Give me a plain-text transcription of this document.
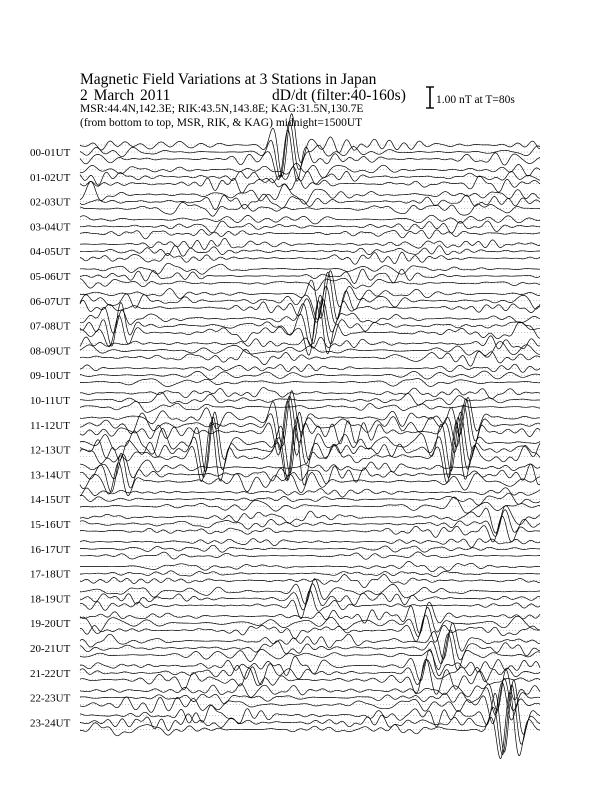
Magnetic Field Variations at 3 Stations in Japan
2 March 2011	dD/dt (filter:40-160s)
MSR:44.4N,142.3E; RIK:43.5N,143.8E; KAG:31.5N,130.7E
(from bottom to top, MSR, RIK, & KAG) midnight=1500UT
1.00 nT at T=80s
00-01UT
01-02UT
02-03UT
03-04UT
04-05UT
05-06UT
06-07UT
07-08UT
08-09UT
09-10UT
10-11UT
11-12UT
12-13UT
13-14UT
14-15UT
15-16UT
16-17UT
17-18UT
18-19UT
19-20UT
20-21UT
21-22UT
22-23UT
23-24UT
